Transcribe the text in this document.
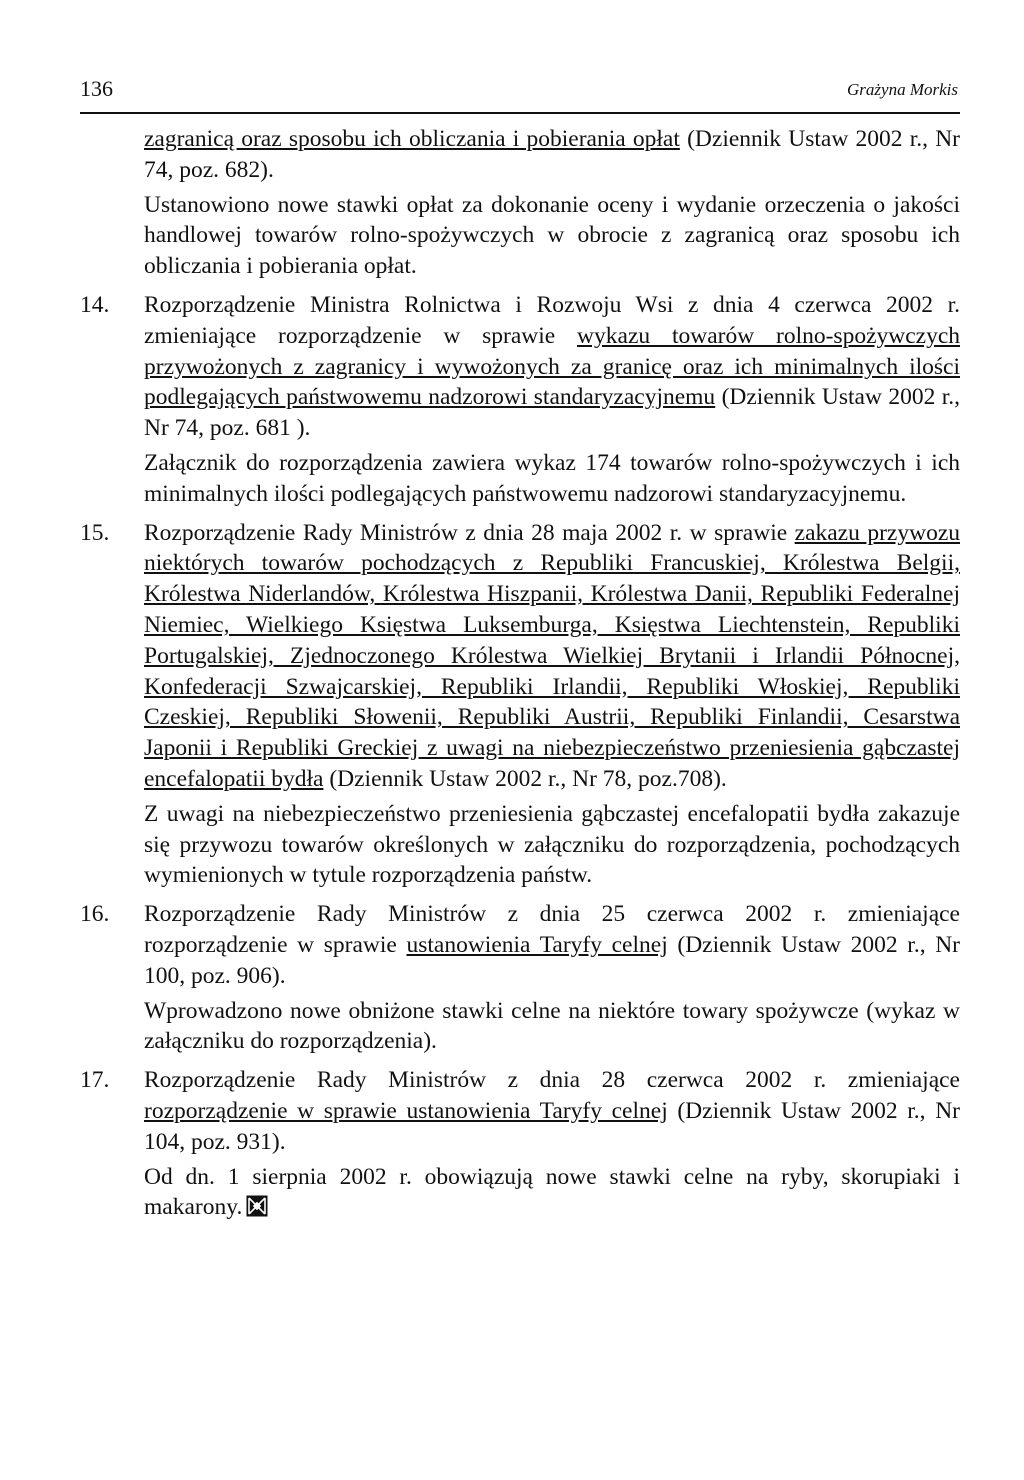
136	Grażyna Morkis

zagranicą oraz sposobu ich obliczania i pobierania opłat (Dziennik Ustaw 2002 r., Nr 74, poz. 682).

Ustanowiono nowe stawki opłat za dokonanie oceny i wydanie orzeczenia o jakości handlowej towarów rolno-spożywczych w obrocie z zagranicą oraz sposobu ich obliczania i pobierania opłat.

14.	Rozporządzenie Ministra Rolnictwa i Rozwoju Wsi z dnia 4 czerwca 2002 r. zmieniające rozporządzenie w sprawie wykazu towarów rolno-spożywczych przywożonych z zagranicy i wywożonych za granicę oraz ich minimalnych ilości podlegających państwowemu nadzorowi standaryzacyjnemu (Dziennik Ustaw 2002 r., Nr 74, poz. 681 ).

Załącznik do rozporządzenia zawiera wykaz 174 towarów rolno-spożywczych i ich minimalnych ilości podlegających państwowemu nadzorowi standaryzacyjnemu.

15.	Rozporządzenie Rady Ministrów z dnia 28 maja 2002 r. w sprawie zakazu przywozu niektórych towarów pochodzących z Republiki Francuskiej, Królestwa Belgii, Królestwa Niderlandów, Królestwa Hiszpanii, Królestwa Danii, Republiki Federalnej Niemiec, Wielkiego Księstwa Luksemburga, Księstwa Liechtenstein, Republiki Portugalskiej, Zjednoczonego Królestwa Wielkiej Brytanii i Irlandii Północnej, Konfederacji Szwajcarskiej, Republiki Irlandii, Republiki Włoskiej, Republiki Czeskiej, Republiki Słowenii, Republiki Austrii, Republiki Finlandii, Cesarstwa Japonii i Republiki Greckiej z uwagi na niebezpieczeństwo przeniesienia gąbczastej encefalopatii bydła (Dziennik Ustaw 2002 r., Nr 78, poz.708).

Z uwagi na niebezpieczeństwo przeniesienia gąbczastej encefalopatii bydła zakazuje się przywozu towarów określonych w załączniku do rozporządzenia, pochodzących wymienionych w tytule rozporządzenia państw.

16.	Rozporządzenie Rady Ministrów z dnia 25 czerwca 2002 r. zmieniające rozporządzenie w sprawie ustanowienia Taryfy celnej (Dziennik Ustaw 2002 r., Nr 100, poz. 906).

Wprowadzono nowe obniżone stawki celne na niektóre towary spożywcze (wykaz w załączniku do rozporządzenia).

17.	Rozporządzenie Rady Ministrów z dnia 28 czerwca 2002 r. zmieniające rozporządzenie w sprawie ustanowienia Taryfy celnej (Dziennik Ustaw 2002 r., Nr 104, poz. 931).

Od dn. 1 sierpnia 2002 r. obowiązują nowe stawki celne na ryby, skorupiaki i makarony.
